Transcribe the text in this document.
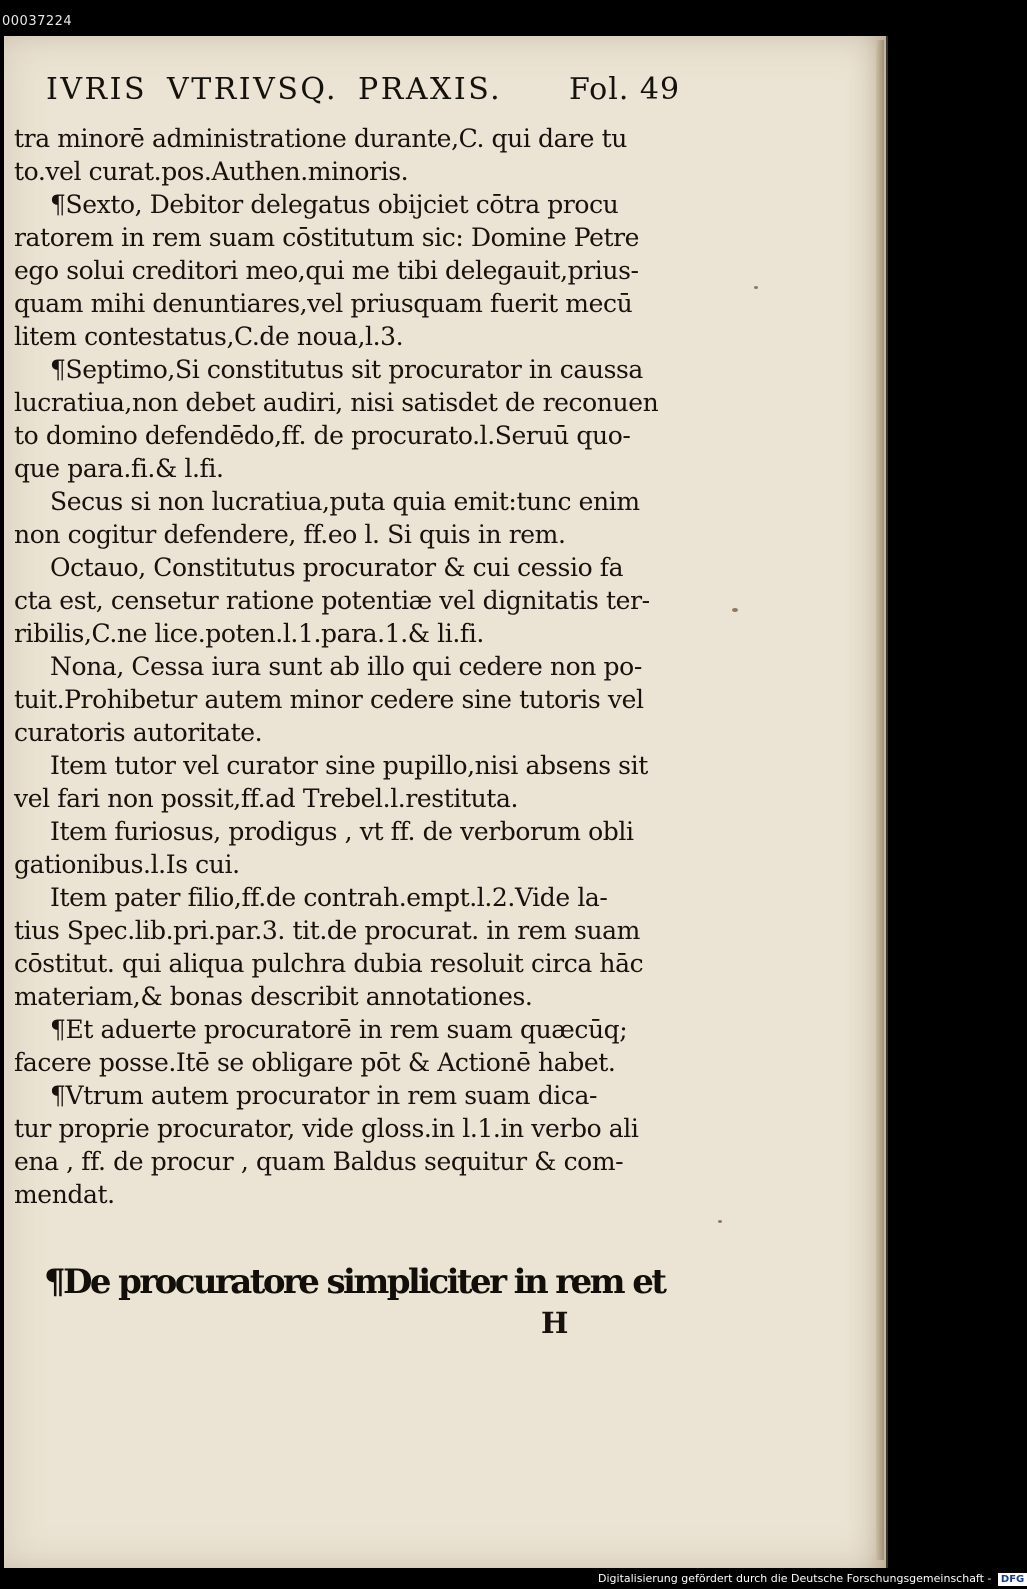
00037224
IVRIS VTRIVSQ. PRAXIS. Fol. 49
tra minorē administratione durante,C. qui dare tu
to.vel curat.pos.Authen.minoris.
¶Sexto, Debitor delegatus obijciet cōtra procu
ratorem in rem suam cōstitutum sic: Domine Petre
ego solui creditori meo,qui me tibi delegauit,prius-
quam mihi denuntiares,vel priusquam fuerit mecū
litem contestatus,C.de noua,l.3.
¶Septimo,Si constitutus sit procurator in caussa
lucratiua,non debet audiri, nisi satisdet de reconuen
to domino defendēdo,ff. de procurato.l.Seruū quo-
que para.fi.& l.fi.
Secus si non lucratiua,puta quia emit:tunc enim
non cogitur defendere, ff.eo l. Si quis in rem.
Octauo, Constitutus procurator & cui cessio fa
cta est, censetur ratione potentiæ vel dignitatis ter-
ribilis,C.ne lice.poten.l.1.para.1.& li.fi.
Nona, Cessa iura sunt ab illo qui cedere non po-
tuit.Prohibetur autem minor cedere sine tutoris vel
curatoris autoritate.
Item tutor vel curator sine pupillo,nisi absens sit
vel fari non possit,ff.ad Trebel.l.restituta.
Item furiosus, prodigus , vt ff. de verborum obli
gationibus.l.Is cui.
Item pater filio,ff.de contrah.empt.l.2.Vide la-
tius Spec.lib.pri.par.3. tit.de procurat. in rem suam
cōstitut. qui aliqua pulchra dubia resoluit circa hāc
materiam,& bonas describit annotationes.
¶Et aduerte procuratorē in rem suam quæcūq;
facere posse.Itē se obligare pōt & Actionē habet.
¶Vtrum autem procurator in rem suam dica-
tur proprie procurator, vide gloss.in l.1.in verbo ali
ena , ff. de procur , quam Baldus sequitur & com-
mendat.
¶De procuratore simpliciter in rem et
H
Digitalisierung gefördert durch die Deutsche Forschungsgemeinschaft - DFG
